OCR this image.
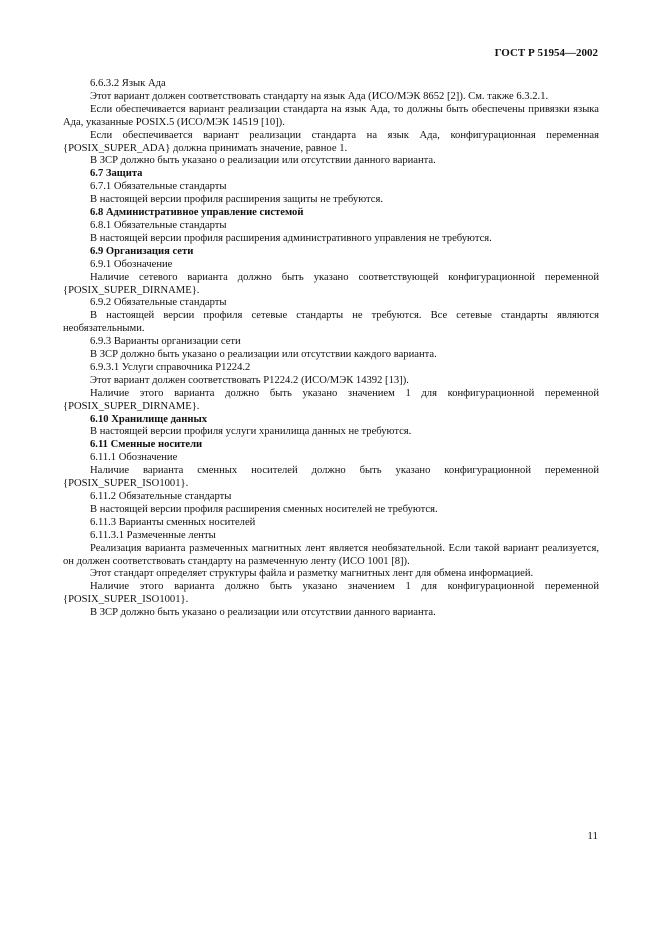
ГОСТ Р 51954—2002

6.6.3.2 Язык Ада

Этот вариант должен соответствовать стандарту на язык Ада (ИСО/МЭК 8652 [2]). См. также 6.3.2.1.

Если обеспечивается вариант реализации стандарта на язык Ада, то должны быть обеспечены привязки языка Ада, указанные POSIX.5 (ИСО/МЭК 14519 [10]).

Если обеспечивается вариант реализации стандарта на язык Ада, конфигурационная переменная {POSIX_SUPER_ADA} должна принимать значение, равное 1.

В ЗСР должно быть указано о реализации или отсутствии данного варианта.

6.7 Защита

6.7.1 Обязательные стандарты

В настоящей версии профиля расширения защиты не требуются.

6.8 Административное управление системой

6.8.1 Обязательные стандарты

В настоящей версии профиля расширения административного управления не требуются.

6.9 Организация сети

6.9.1 Обозначение

Наличие сетевого варианта должно быть указано соответствующей конфигурационной переменной {POSIX_SUPER_DIRNAME}.

6.9.2 Обязательные стандарты

В настоящей версии профиля сетевые стандарты не требуются. Все сетевые стандарты являются необязательными.

6.9.3 Варианты организации сети

В ЗСР должно быть указано о реализации или отсутствии каждого варианта.

6.9.3.1 Услуги справочника Р1224.2

Этот вариант должен соответствовать Р1224.2 (ИСО/МЭК 14392 [13]).

Наличие этого варианта должно быть указано значением 1 для конфигурационной переменной {POSIX_SUPER_DIRNAME}.

6.10 Хранилище данных

В настоящей версии профиля услуги хранилища данных не требуются.

6.11 Сменные носители

6.11.1 Обозначение

Наличие варианта сменных носителей должно быть указано конфигурационной переменной {POSIX_SUPER_ISO1001}.

6.11.2 Обязательные стандарты

В настоящей версии профиля расширения сменных носителей не требуются.

6.11.3 Варианты сменных носителей

6.11.3.1 Размеченные ленты

Реализация варианта размеченных магнитных лент является необязательной. Если такой вариант реализуется, он должен соответствовать стандарту на размеченную ленту (ИСО 1001 [8]).

Этот стандарт определяет структуры файла и разметку магнитных лент для обмена информацией.

Наличие этого варианта должно быть указано значением 1 для конфигурационной переменной {POSIX_SUPER_ISO1001}.

В ЗСР должно быть указано о реализации или отсутствии данного варианта.

11
